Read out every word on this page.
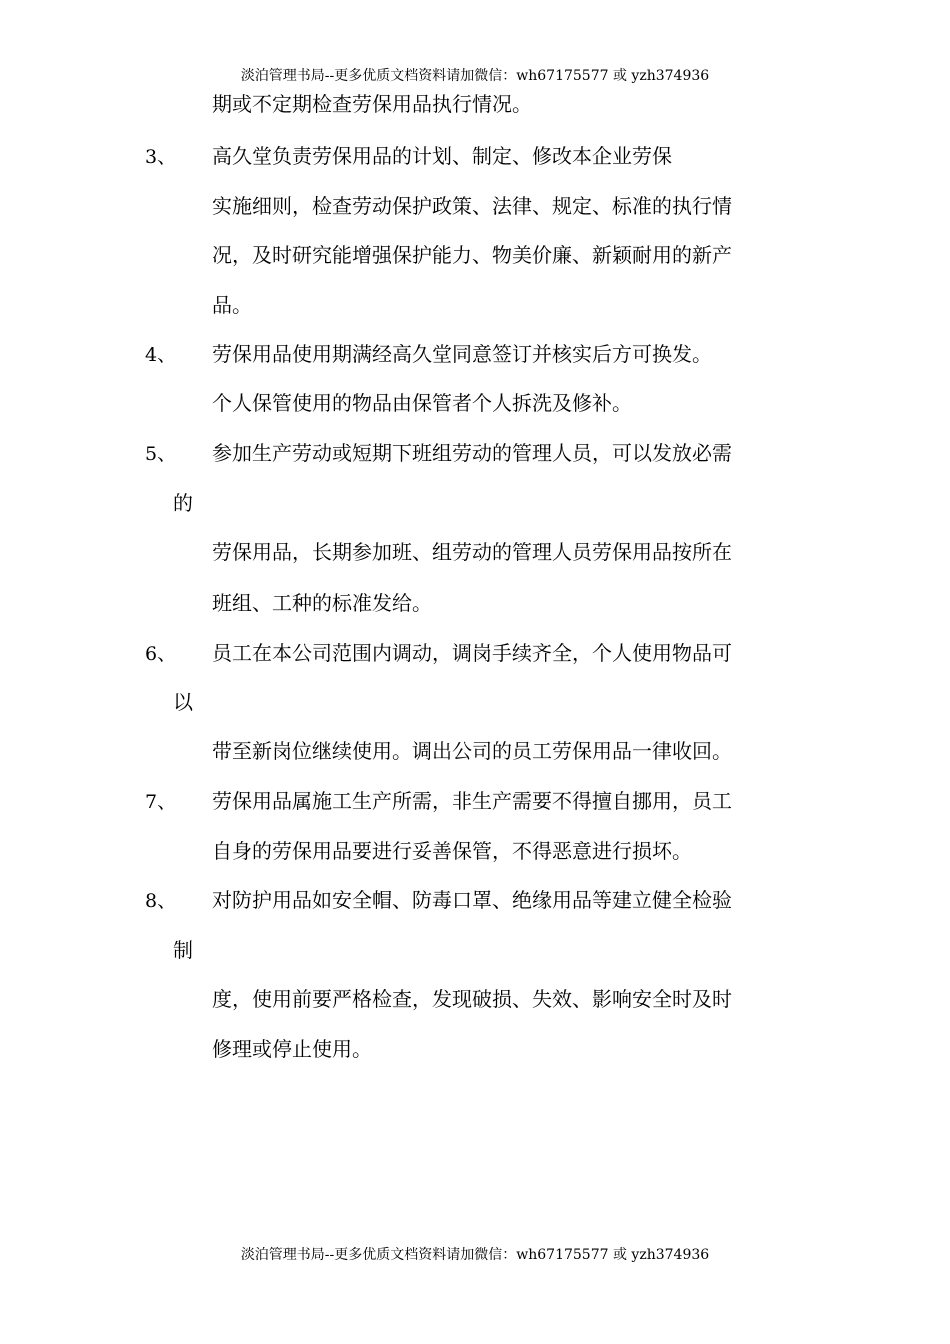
淡泊管理书局--更多优质文档资料请加微信：wh67175577 或 yzh374936
期或不定期检查劳保用品执行情况。
3、 高久堂负责劳保用品的计划、制定、修改本企业劳保
实施细则，检查劳动保护政策、法律、规定、标准的执行情
况，及时研究能增强保护能力、物美价廉、新颖耐用的新产
品。
4、 劳保用品使用期满经高久堂同意签订并核实后方可换发。
个人保管使用的物品由保管者个人拆洗及修补。
5、 参加生产劳动或短期下班组劳动的管理人员，可以发放必需
的
劳保用品，长期参加班、组劳动的管理人员劳保用品按所在
班组、工种的标准发给。
6、 员工在本公司范围内调动，调岗手续齐全，个人使用物品可
以
带至新岗位继续使用。调出公司的员工劳保用品一律收回。
7、 劳保用品属施工生产所需，非生产需要不得擅自挪用，员工
自身的劳保用品要进行妥善保管，不得恶意进行损坏。
8、 对防护用品如安全帽、防毒口罩、绝缘用品等建立健全检验
制
度，使用前要严格检查，发现破损、失效、影响安全时及时
修理或停止使用。
淡泊管理书局--更多优质文档资料请加微信：wh67175577 或 yzh374936
